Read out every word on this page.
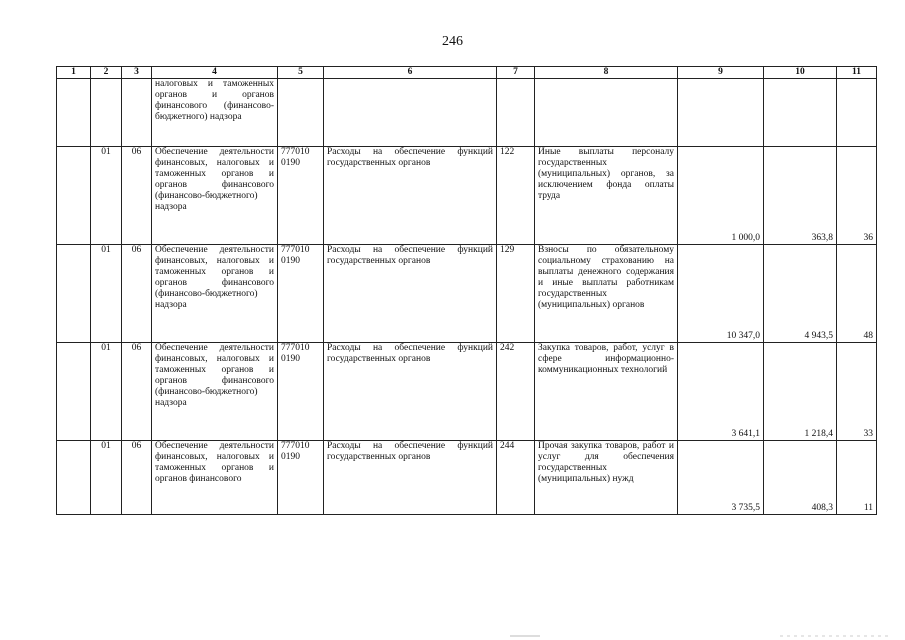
246
1	2	3	4	5	6	7	8	9	10	11
			налоговых и таможенных органов и органов финансового (финансово-бюджетного) надзора							
	01	06	Обеспечение деятельности финансовых, налоговых и таможенных органов и органов финансового (финансово-бюджетного) надзора	777010 0190	Расходы на обеспечение функций государственных органов	122	Иные выплаты персоналу государственных (муниципальных) органов, за исключением фонда оплаты труда	1 000,0	363,8	36
	01	06	Обеспечение деятельности финансовых, налоговых и таможенных органов и органов финансового (финансово-бюджетного) надзора	777010 0190	Расходы на обеспечение функций государственных органов	129	Взносы по обязательному социальному страхованию на выплаты денежного содержания и иные выплаты работникам государственных (муниципальных) органов	10 347,0	4 943,5	48
	01	06	Обеспечение деятельности финансовых, налоговых и таможенных органов и органов финансового (финансово-бюджетного) надзора	777010 0190	Расходы на обеспечение функций государственных органов	242	Закупка товаров, работ, услуг в сфере информационно-коммуникационных технологий	3 641,1	1 218,4	33
	01	06	Обеспечение деятельности финансовых, налоговых и таможенных органов и органов финансового	777010 0190	Расходы на обеспечение функций государственных органов	244	Прочая закупка товаров, работ и услуг для обеспечения государственных (муниципальных) нужд	3 735,5	408,3	11
